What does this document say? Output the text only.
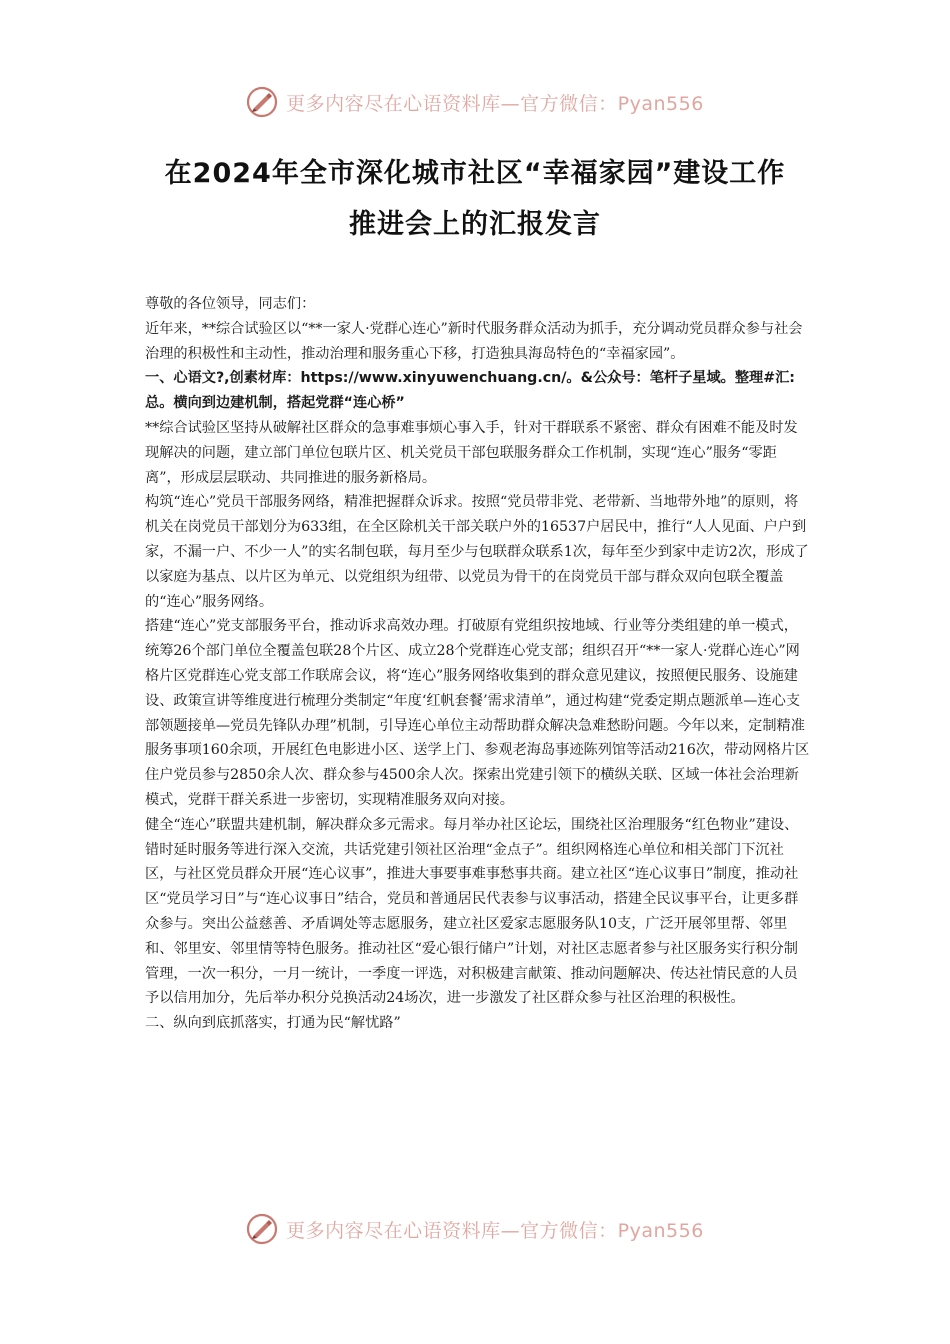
更多内容尽在心语资料库—官方微信：Pyan556
在2024年全市深化城市社区“幸福家园”建设工作
推进会上的汇报发言

尊敬的各位领导，同志们：

近年来，**综合试验区以“**一家人·党群心连心”新时代服务群众活动为抓手，充分调动党员群众参与社会治理的积极性和主动性，推动治理和服务重心下移，打造独具海岛特色的“幸福家园”。

一、心语文?,创素材库：https://www.xinyuwenchuang.cn/。&公众号：笔杆子星域。整理#汇:总。横向到边建机制，搭起党群“连心桥”

**综合试验区坚持从破解社区群众的急事难事烦心事入手，针对干群联系不紧密、群众有困难不能及时发现解决的问题，建立部门单位包联片区、机关党员干部包联服务群众工作机制，实现“连心”服务“零距离”，形成层层联动、共同推进的服务新格局。

构筑“连心”党员干部服务网络，精准把握群众诉求。按照“党员带非党、老带新、当地带外地”的原则，将机关在岗党员干部划分为633组，在全区除机关干部关联户外的16537户居民中，推行“人人见面、户户到家，不漏一户、不少一人”的实名制包联，每月至少与包联群众联系1次，每年至少到家中走访2次，形成了以家庭为基点、以片区为单元、以党组织为纽带、以党员为骨干的在岗党员干部与群众双向包联全覆盖的“连心”服务网络。

搭建“连心”党支部服务平台，推动诉求高效办理。打破原有党组织按地域、行业等分类组建的单一模式，统筹26个部门单位全覆盖包联28个片区、成立28个党群连心党支部；组织召开“**一家人·党群心连心”网格片区党群连心党支部工作联席会议，将“连心”服务网络收集到的群众意见建议，按照便民服务、设施建设、政策宣讲等维度进行梳理分类制定“年度‘红帆套餐’需求清单”，通过构建“党委定期点题派单—连心支部领题接单—党员先锋队办理”机制，引导连心单位主动帮助群众解决急难愁盼问题。今年以来，定制精准服务事项160余项，开展红色电影进小区、送学上门、参观老海岛事迹陈列馆等活动216次，带动网格片区住户党员参与2850余人次、群众参与4500余人次。探索出党建引领下的横纵关联、区域一体社会治理新模式，党群干群关系进一步密切，实现精准服务双向对接。

健全“连心”联盟共建机制，解决群众多元需求。每月举办社区论坛，围绕社区治理服务“红色物业”建设、错时延时服务等进行深入交流，共话党建引领社区治理“金点子”。组织网格连心单位和相关部门下沉社区，与社区党员群众开展“连心议事”，推进大事要事难事愁事共商。建立社区“连心议事日”制度，推动社区“党员学习日”与“连心议事日”结合，党员和普通居民代表参与议事活动，搭建全民议事平台，让更多群众参与。突出公益慈善、矛盾调处等志愿服务，建立社区爱家志愿服务队10支，广泛开展邻里帮、邻里和、邻里安、邻里情等特色服务。推动社区“爱心银行储户”计划，对社区志愿者参与社区服务实行积分制管理，一次一积分，一月一统计，一季度一评选，对积极建言献策、推动问题解决、传达社情民意的人员予以信用加分，先后举办积分兑换活动24场次，进一步激发了社区群众参与社区治理的积极性。

二、纵向到底抓落实，打通为民“解忧路”

更多内容尽在心语资料库—官方微信：Pyan556
